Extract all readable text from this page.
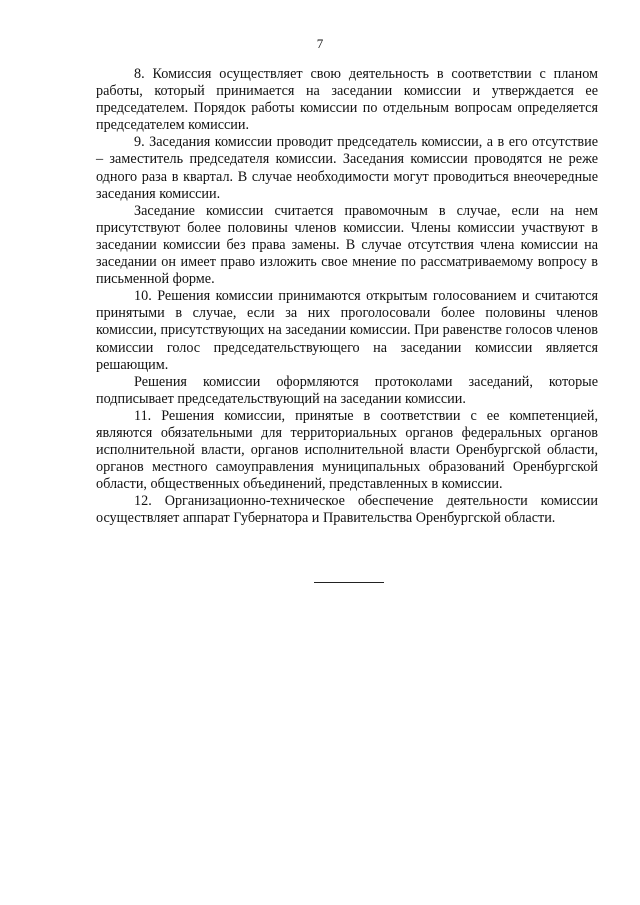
7

8. Комиссия осуществляет свою деятельность в соответствии с планом работы, который принимается на заседании комиссии и утверждается ее председателем. Порядок работы комиссии по отдельным вопросам определяется председателем комиссии.

9. Заседания комиссии проводит председатель комиссии, а в его отсутствие – заместитель председателя комиссии. Заседания комиссии проводятся не реже одного раза в квартал. В случае необходимости могут проводиться внеочередные заседания комиссии.

Заседание комиссии считается правомочным в случае, если на нем присутствуют более половины членов комиссии. Члены комиссии участвуют в заседании комиссии без права замены. В случае отсутствия члена комиссии на заседании он имеет право изложить свое мнение по рассматриваемому вопросу в письменной форме.

10. Решения комиссии принимаются открытым голосованием и считаются принятыми в случае, если за них проголосовали более половины членов комиссии, присутствующих на заседании комиссии. При равенстве голосов членов комиссии голос председательствующего на заседании комиссии является решающим.

Решения комиссии оформляются протоколами заседаний, которые подписывает председательствующий на заседании комиссии.

11. Решения комиссии, принятые в соответствии с ее компетенцией, являются обязательными для территориальных органов федеральных органов исполнительной власти, органов исполнительной власти Оренбургской области, органов местного самоуправления муниципальных образований Оренбургской области, общественных объединений, представленных в комиссии.

12. Организационно-техническое обеспечение деятельности комиссии осуществляет аппарат Губернатора и Правительства Оренбургской области.
